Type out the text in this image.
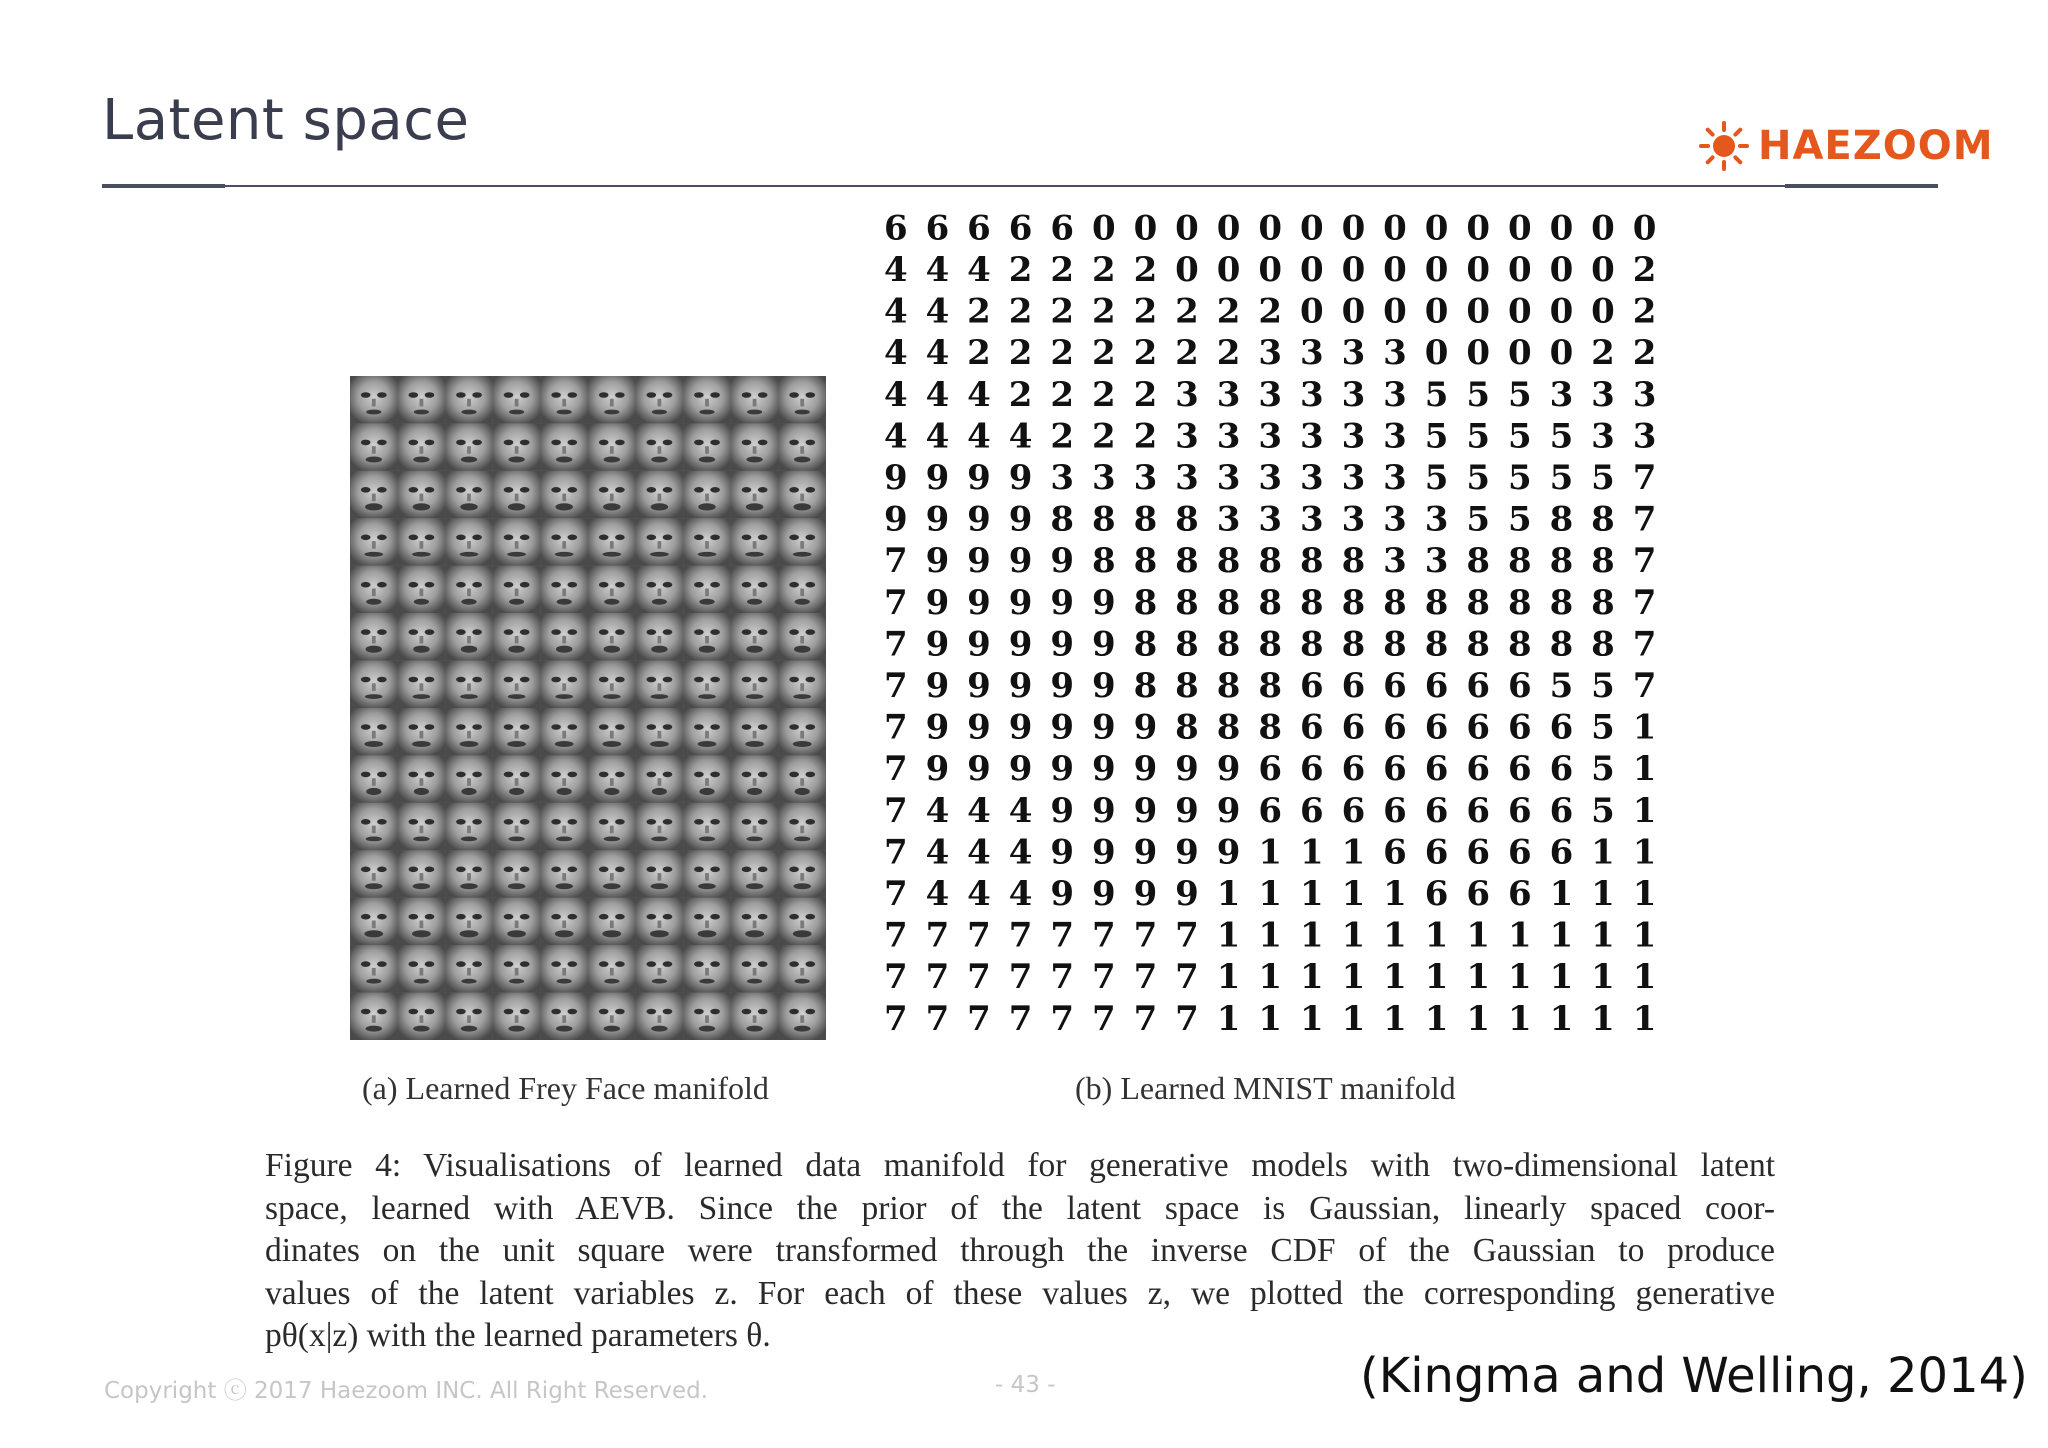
Latent space	HAEZOOM
6 6 6 6 6 0 0 0 0 0 0 0 0 0 0 0 0 0 0
4 4 4 2 2 2 2 0 0 0 0 0 0 0 0 0 0 0 2
4 4 2 2 2 2 2 2 2 2 0 0 0 0 0 0 0 0 2
4 4 2 2 2 2 2 2 2 3 3 3 3 0 0 0 0 2 2
4 4 4 2 2 2 2 3 3 3 3 3 3 5 5 5 3 3 3
4 4 4 4 2 2 2 3 3 3 3 3 3 5 5 5 5 3 3
9 9 9 9 3 3 3 3 3 3 3 3 3 5 5 5 5 5 7
9 9 9 9 8 8 8 8 3 3 3 3 3 3 5 5 8 8 7
7 9 9 9 9 8 8 8 8 8 8 8 3 3 8 8 8 8 7
7 9 9 9 9 9 8 8 8 8 8 8 8 8 8 8 8 8 7
7 9 9 9 9 9 8 8 8 8 8 8 8 8 8 8 8 8 7
7 9 9 9 9 9 8 8 8 8 6 6 6 6 6 6 5 5 7
7 9 9 9 9 9 9 8 8 8 6 6 6 6 6 6 6 5 1
7 9 9 9 9 9 9 9 9 6 6 6 6 6 6 6 6 5 1
7 4 4 4 9 9 9 9 9 6 6 6 6 6 6 6 6 5 1
7 4 4 4 9 9 9 9 9 1 1 1 6 6 6 6 6 1 1
7 4 4 4 9 9 9 9 1 1 1 1 1 6 6 6 1 1 1
7 7 7 7 7 7 7 7 1 1 1 1 1 1 1 1 1 1 1
7 7 7 7 7 7 7 7 1 1 1 1 1 1 1 1 1 1 1
7 7 7 7 7 7 7 7 1 1 1 1 1 1 1 1 1 1 1
(a) Learned Frey Face manifold	(b) Learned MNIST manifold
Figure 4: Visualisations of learned data manifold for generative models with two-dimensional latent
space, learned with AEVB. Since the prior of the latent space is Gaussian, linearly spaced coor-
dinates on the unit square were transformed through the inverse CDF of the Gaussian to produce
values of the latent variables z. For each of these values z, we plotted the corresponding generative
pθ(x|z) with the learned parameters θ.
Copyright ⓒ 2017 Haezoom INC. All Right Reserved.	- 43 -	(Kingma and Welling, 2014)
